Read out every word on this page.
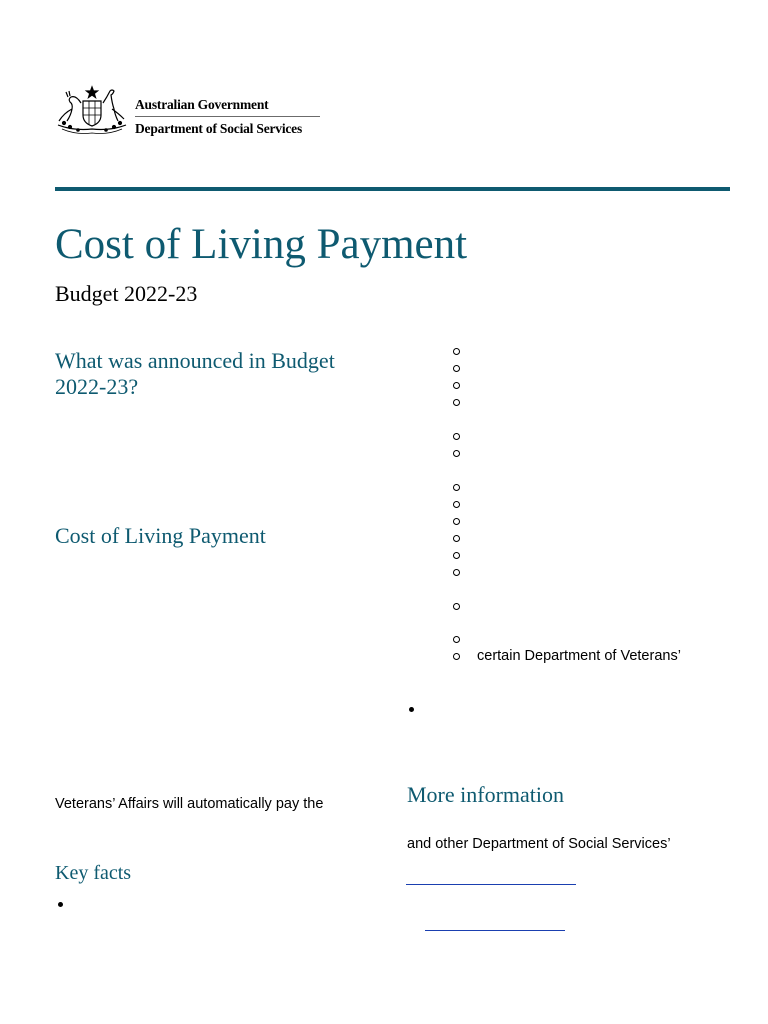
Australian Government
Department of Social Services
Cost of Living Payment
Budget 2022-23
What was announced in Budget 2022-23?
Cost of Living Payment
Veterans’ Affairs will automatically pay the
Key facts
certain Department of Veterans’
More information
and other Department of Social Services’
